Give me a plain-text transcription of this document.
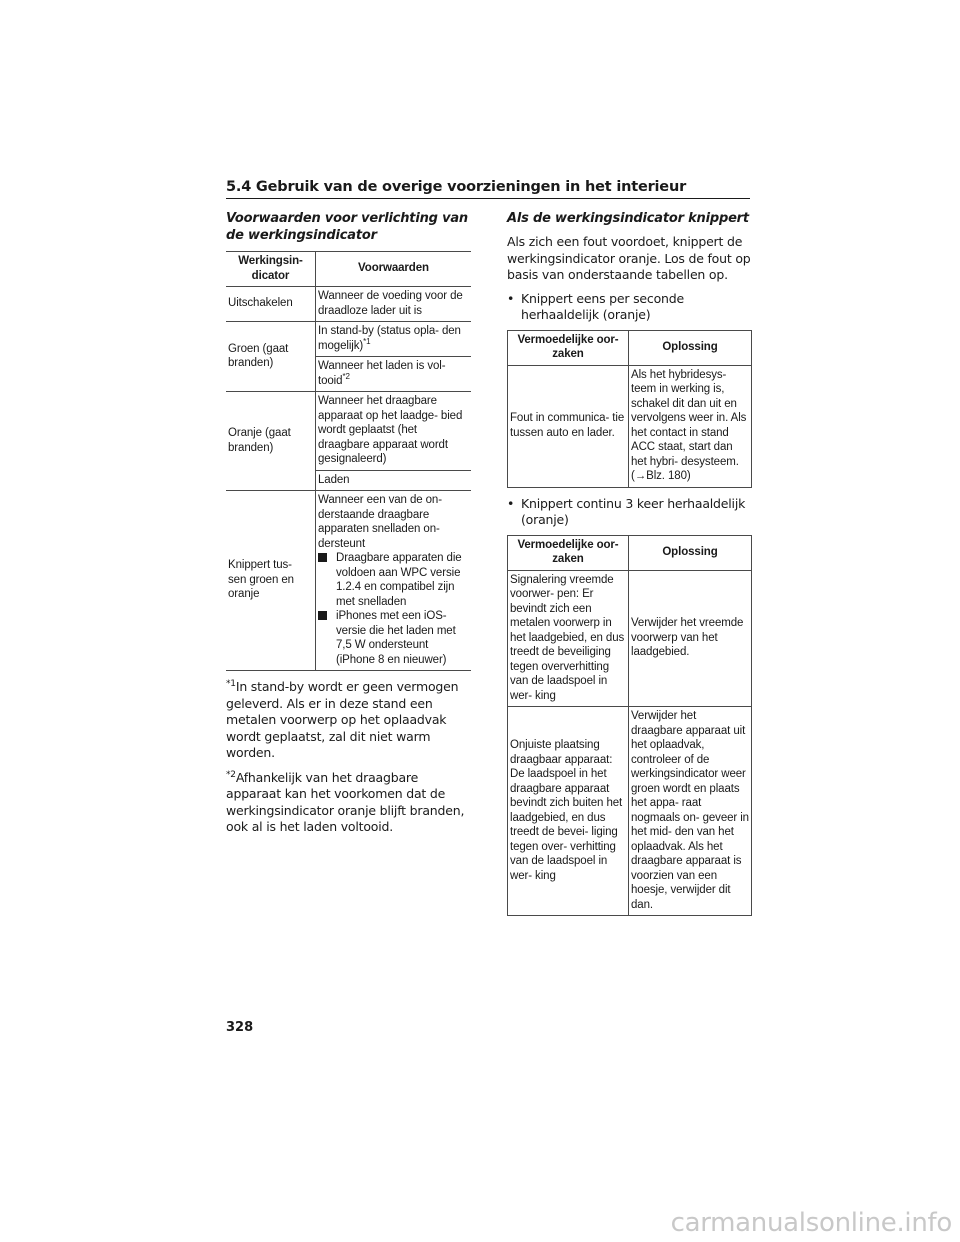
5.4 Gebruik van de overige voorzieningen in het interieur

Voorwaarden voor verlichting van de werkingsindicator

Werkingsin- dicator	Voorwaarden
Uitschakelen	Wanneer de voeding voor de draadloze lader uit is
Groen (gaat branden)	In stand-by (status opla- den mogelijk)$^{*1}$
	Wanneer het laden is vol- tooid$^{*2}$
Oranje (gaat branden)	Wanneer het draagbare apparaat op het laadge- bied wordt geplaatst (het draagbare apparaat wordt gesignaleerd)
	Laden
Knippert tus- sen groen en oranje	Wanneer een van de on- derstaande draagbare apparaten snelladen on- dersteunt
Draagbare apparaten die voldoen aan WPC versie 1.2.4 en compatibel zijn met snelladen
iPhones met een iOS-versie die het laden met 7,5 W ondersteunt (iPhone 8 en nieuwer)

$^{*1}$In stand-by wordt er geen vermogen geleverd. Als er in deze stand een metalen voorwerp op het oplaadvak wordt geplaatst, zal dit niet warm worden.

$^{*2}$Afhankelijk van het draagbare apparaat kan het voorkomen dat de werkingsindicator oranje blijft branden, ook al is het laden voltooid.

Als de werkingsindicator knippert

Als zich een fout voordoet, knippert de werkingsindicator oranje. Los de fout op basis van onderstaande tabellen op.

• Knippert eens per seconde herhaaldelijk (oranje)
Vermoedelijke oor- zaken	Oplossing
Fout in communica- tie tussen auto en lader.	Als het hybridesys- teem in werking is, schakel dit dan uit en vervolgens weer in. Als het contact in stand ACC staat, start dan het hybri- desysteem. (→Blz. 180)
• Knippert continu 3 keer herhaaldelijk (oranje)
Vermoedelijke oor- zaken	Oplossing
Signalering vreemde voorwer- pen: Er bevindt zich een metalen voorwerp in het laadgebied, en dus treedt de beveiliging tegen oververhitting van de laadspoel in wer- king	Verwijder het vreemde voorwerp van het laadgebied.
Onjuiste plaatsing draagbaar apparaat: De laadspoel in het draagbare apparaat bevindt zich buiten het laadgebied, en dus treedt de bevei- liging tegen over- verhitting van de laadspoel in wer- king	Verwijder het draagbare apparaat uit het oplaadvak, controleer of de werkingsindicator weer groen wordt en plaats het appa- raat nogmaals on- geveer in het mid- den van het oplaadvak. Als het draagbare apparaat is voorzien van een hoesje, verwijder dit dan.
328
carmanualsonline.info
